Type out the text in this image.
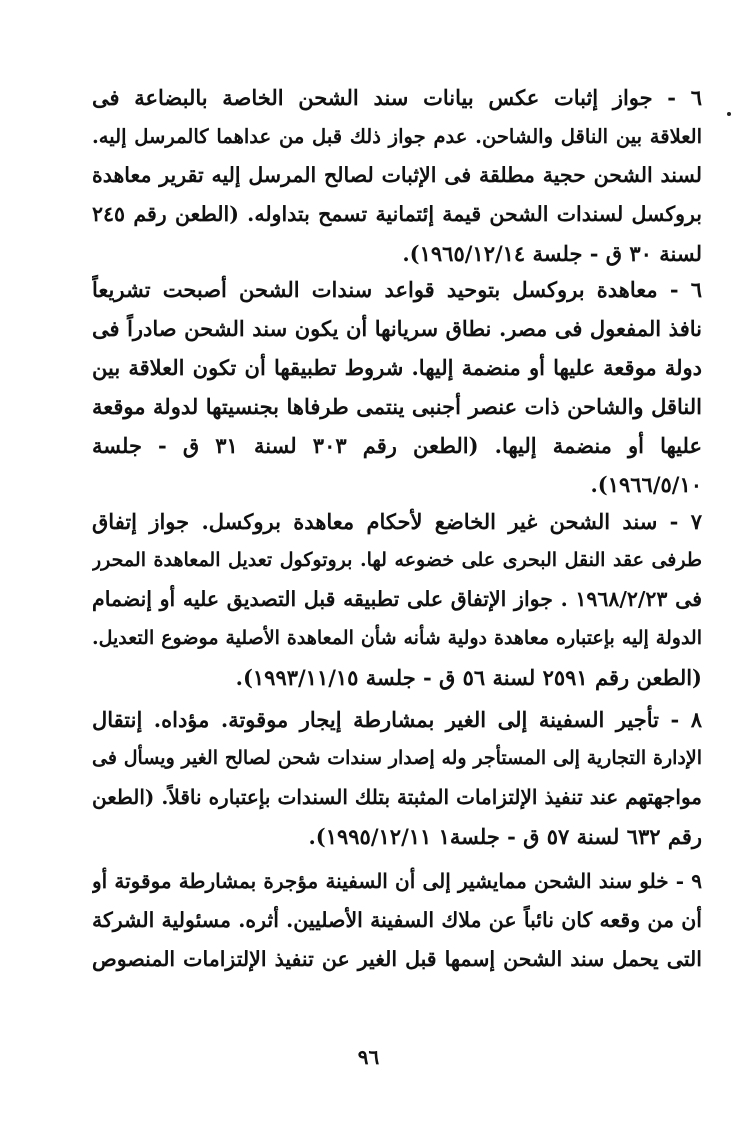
٦ - جواز إثبات عكس بيانات سند الشحن الخاصة بالبضاعة فى
العلاقة بين الناقل والشاحن. عدم جواز ذلك قبل من عداهما كالمرسل إليه.
لسند الشحن حجية مطلقة فى الإثبات لصالح المرسل إليه تقرير معاهدة
بروكسل لسندات الشحن قيمة إئتمانية تسمح بتداوله. (الطعن رقم ٢٤٥
لسنة ٣٠ ق - جلسة ١٩٦٥/١٢/١٤).
٦ - معاهدة بروكسل بتوحيد قواعد سندات الشحن أصبحت تشريعاً
نافذ المفعول فى مصر. نطاق سريانها أن يكون سند الشحن صادراً فى
دولة موقعة عليها أو منضمة إليها. شروط تطبيقها أن تكون العلاقة بين
الناقل والشاحن ذات عنصر أجنبى ينتمى طرفاها بجنسيتها لدولة موقعة
عليها أو منضمة إليها. (الطعن رقم ٣٠٣ لسنة ٣١ ق - جلسة
١٩٦٦/٥/١٠).
٧ - سند الشحن غير الخاضع لأحكام معاهدة بروكسل. جواز إتفاق
طرفى عقد النقل البحرى على خضوعه لها. بروتوكول تعديل المعاهدة المحرر
فى ١٩٦٨/٢/٢٣ . جواز الإتفاق على تطبيقه قبل التصديق عليه أو إنضمام
الدولة إليه بإعتباره معاهدة دولية شأنه شأن المعاهدة الأصلية موضوع التعديل.
(الطعن رقم ٢٥٩١ لسنة ٥٦ ق - جلسة ١٩٩٣/١١/١٥).
٨ - تأجير السفينة إلى الغير بمشارطة إيجار موقوتة. مؤداه. إنتقال
الإدارة التجارية إلى المستأجر وله إصدار سندات شحن لصالح الغير ويسأل فى
مواجهتهم عند تنفيذ الإلتزامات المثبتة بتلك السندات بإعتباره ناقلاً. (الطعن
رقم ٦٣٢ لسنة ٥٧ ق - جلسة١ ١٩٩٥/١٢/١١).
٩ - خلو سند الشحن ممايشير إلى أن السفينة مؤجرة بمشارطة موقوتة أو
أن من وقعه كان نائباً عن ملاك السفينة الأصليين. أثره. مسئولية الشركة
التى يحمل سند الشحن إسمها قبل الغير عن تنفيذ الإلتزامات المنصوص
٩٦
